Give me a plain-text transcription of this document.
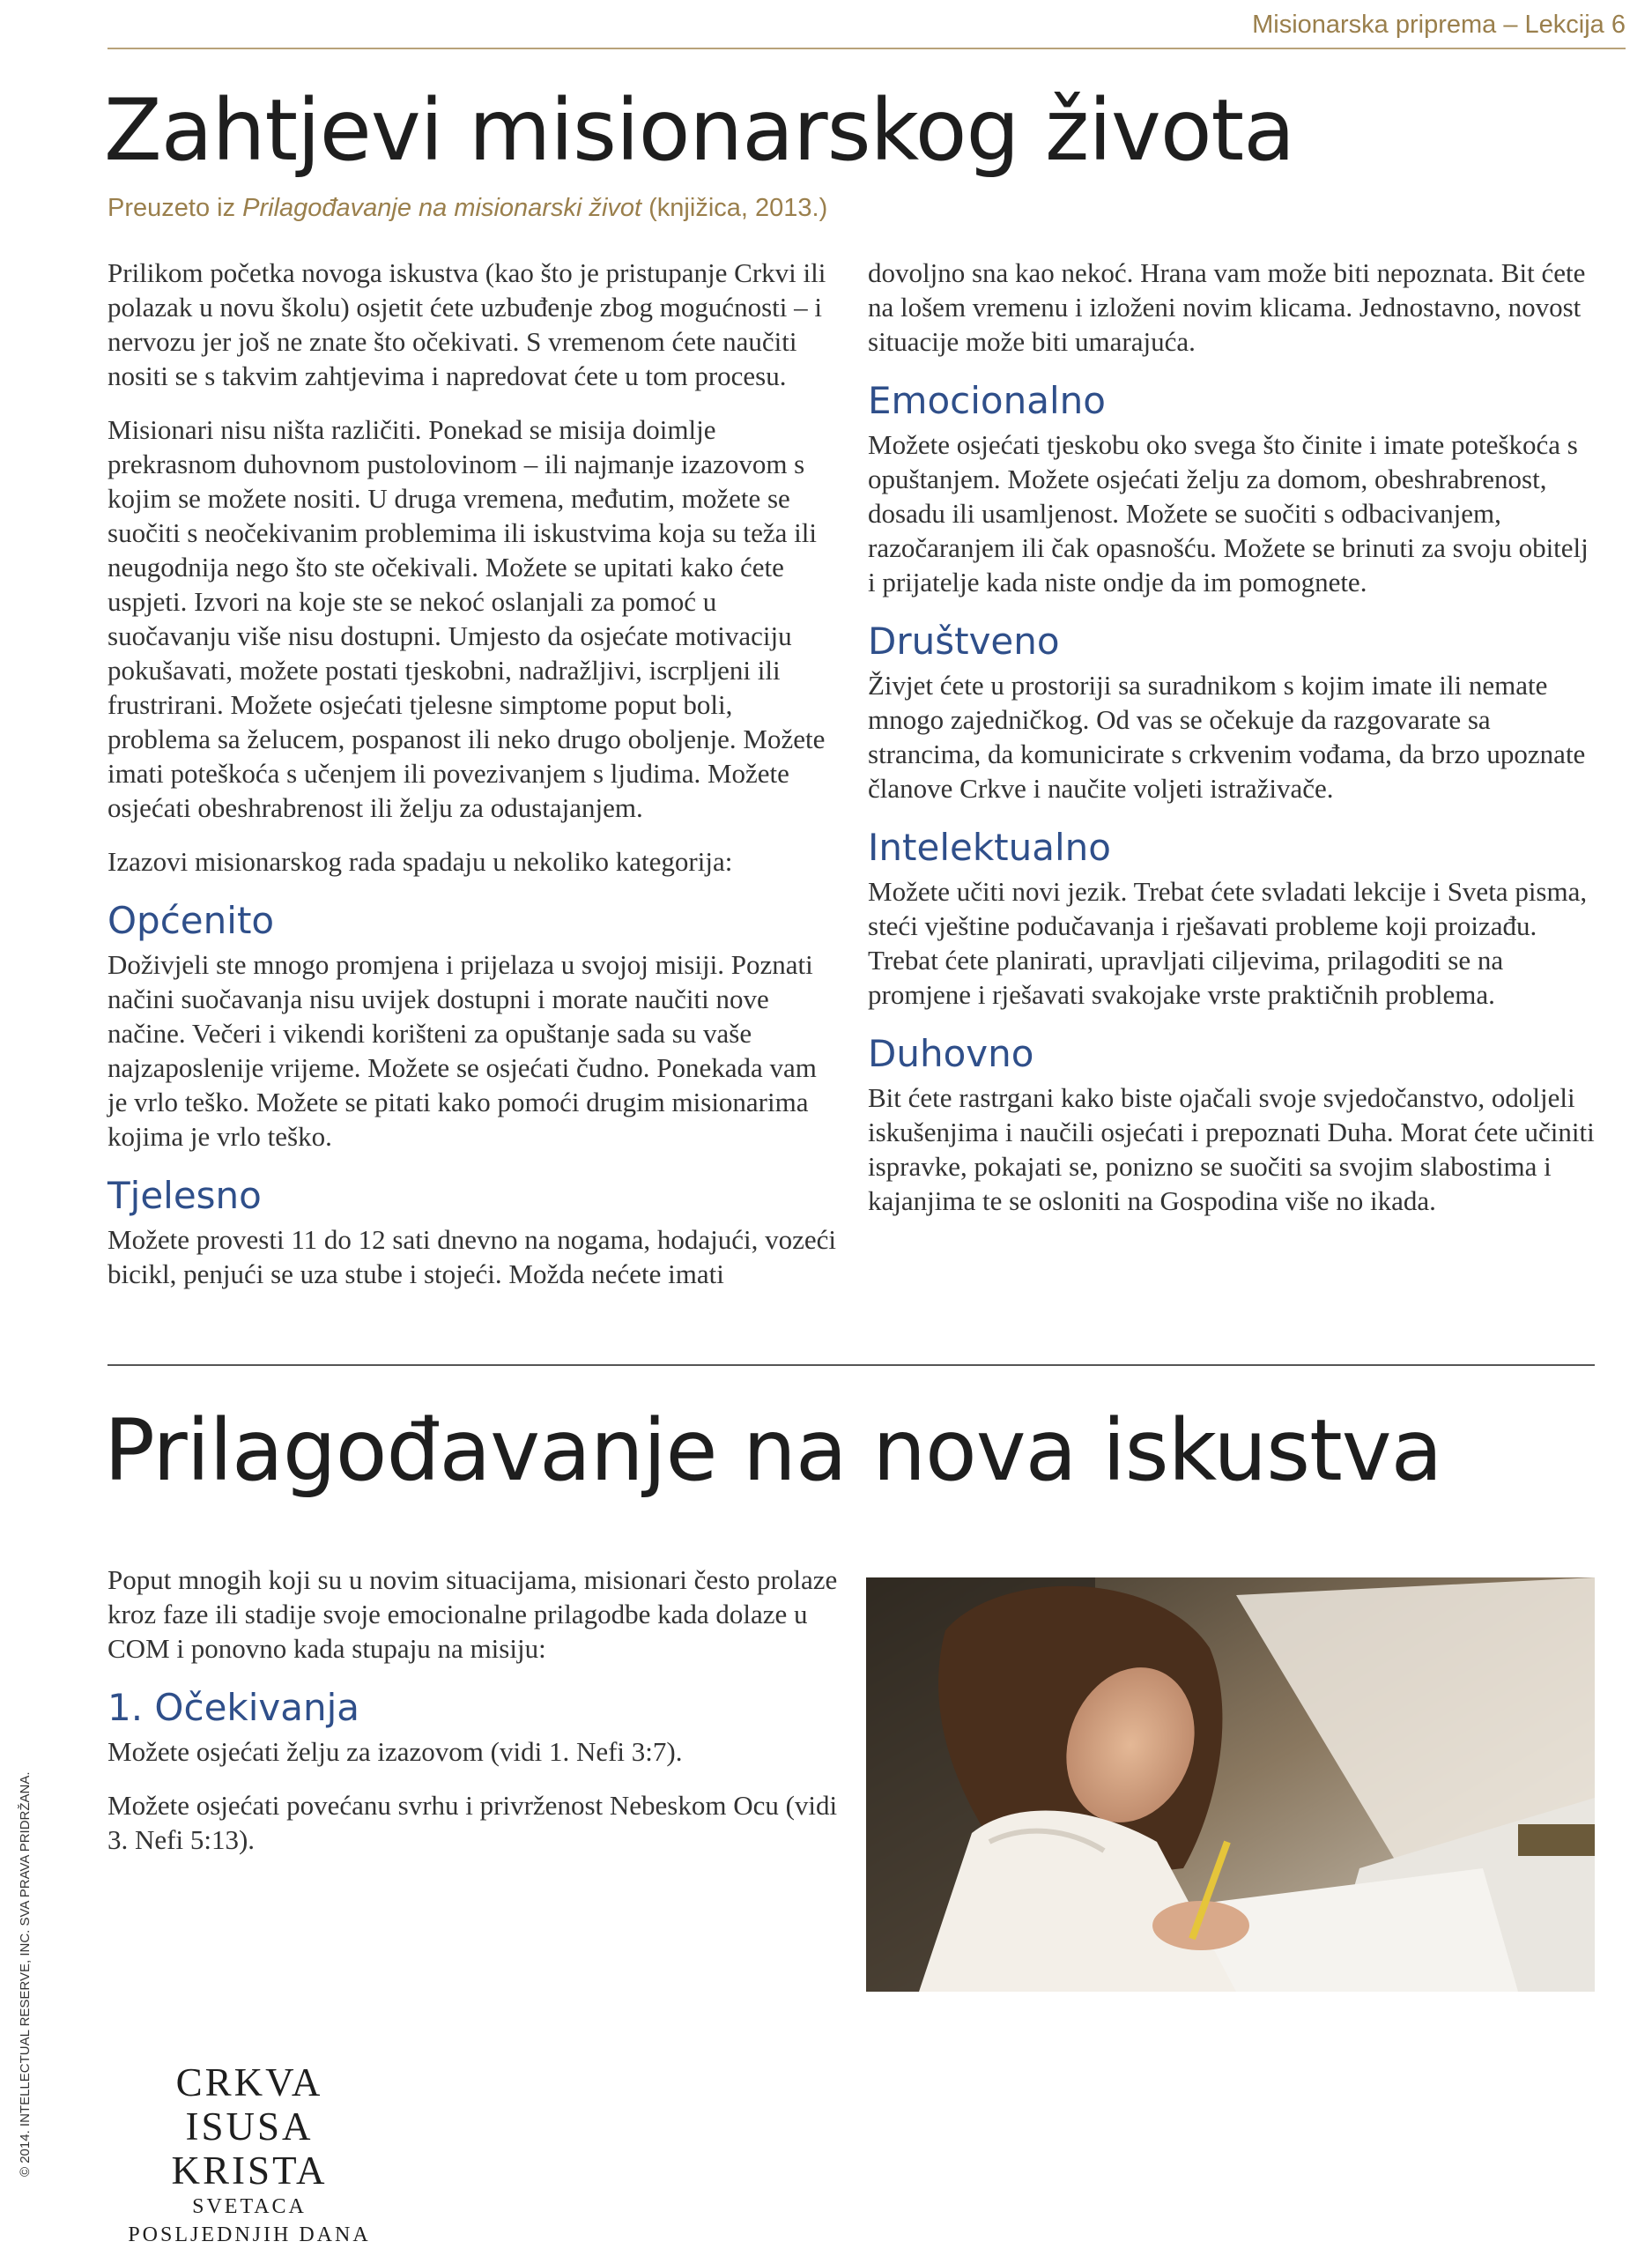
Misionarska priprema – Lekcija 6
Zahtjevi misionarskog života
Preuzeto iz Prilagođavanje na misionarski život (knjižica, 2013.)

Prilikom početka novoga iskustva (kao što je pristupanje Crkvi ili polazak u novu školu) osjetit ćete uzbuđenje zbog mogućnosti – i nervozu jer još ne znate što očekivati. S vremenom ćete naučiti nositi se s takvim zahtjevima i napredovat ćete u tom procesu.

Misionari nisu ništa različiti. Ponekad se misija doimlje prekrasnom duhovnom pustolovinom – ili najmanje izazovom s kojim se možete nositi. U druga vremena, međutim, možete se suočiti s neočekivanim problemima ili iskustvima koja su teža ili neugodnija nego što ste očekivali. Možete se upitati kako ćete uspjeti. Izvori na koje ste se nekoć oslanjali za pomoć u suočavanju više nisu dostupni. Umjesto da osjećate motivaciju pokušavati, možete postati tjeskobni, nadražljivi, iscrpljeni ili frustrirani. Možete osjećati tjelesne simptome poput boli, problema sa želucem, pospanost ili neko drugo oboljenje. Možete imati poteškoća s učenjem ili povezivanjem s ljudima. Možete osjećati obeshrabrenost ili želju za odustajanjem.

Izazovi misionarskog rada spadaju u nekoliko kategorija:

Općenito

Doživjeli ste mnogo promjena i prijelaza u svojoj misiji. Poznati načini suočavanja nisu uvijek dostupni i morate naučiti nove načine. Večeri i vikendi korišteni za opuštanje sada su vaše najzaposlenije vrijeme. Možete se osjećati čudno. Ponekada vam je vrlo teško. Možete se pitati kako pomoći drugim misionarima kojima je vrlo teško.

Tjelesno

Možete provesti 11 do 12 sati dnevno na nogama, hodajući, vozeći bicikl, penjući se uza stube i stojeći. Možda nećete imati

dovoljno sna kao nekoć. Hrana vam može biti nepoznata. Bit ćete na lošem vremenu i izloženi novim klicama. Jednostavno, novost situacije može biti umarajuća.

Emocionalno

Možete osjećati tjeskobu oko svega što činite i imate poteškoća s opuštanjem. Možete osjećati želju za domom, obeshrabrenost, dosadu ili usamljenost. Možete se suočiti s odbacivanjem, razočaranjem ili čak opasnošću. Možete se brinuti za svoju obitelj i prijatelje kada niste ondje da im pomognete.

Društveno

Živjet ćete u prostoriji sa suradnikom s kojim imate ili nemate mnogo zajedničkog. Od vas se očekuje da razgovarate sa strancima, da komunicirate s crkvenim vođama, da brzo upoznate članove Crkve i naučite voljeti istraživače.

Intelektualno

Možete učiti novi jezik. Trebat ćete svladati lekcije i Sveta pisma, steći vještine podučavanja i rješavati probleme koji proizađu. Trebat ćete planirati, upravljati ciljevima, prilagoditi se na promjene i rješavati svakojake vrste praktičnih problema.

Duhovno

Bit ćete rastrgani kako biste ojačali svoje svjedočanstvo, odoljeli iskušenjima i naučili osjećati i prepoznati Duha. Morat ćete učiniti ispravke, pokajati se, ponizno se suočiti sa svojim slabostima i kajanjima te se osloniti na Gospodina više no ikada.

Prilagođavanje na nova iskustva

Poput mnogih koji su u novim situacijama, misionari često prolaze kroz faze ili stadije svoje emocionalne prilagodbe kada dolaze u COM i ponovno kada stupaju na misiju:

1. Očekivanja

Možete osjećati želju za izazovom (vidi 1. Nefi 3:7).

Možete osjećati povećanu svrhu i privrženost Nebeskom Ocu (vidi 3. Nefi 5:13).

© 2014. INTELLECTUAL RESERVE, INC. SVA PRAVA PRIDRŽANA.	CRKVA
ISUSA KRISTA
SVETACA
POSLJEDNJIH DANA
